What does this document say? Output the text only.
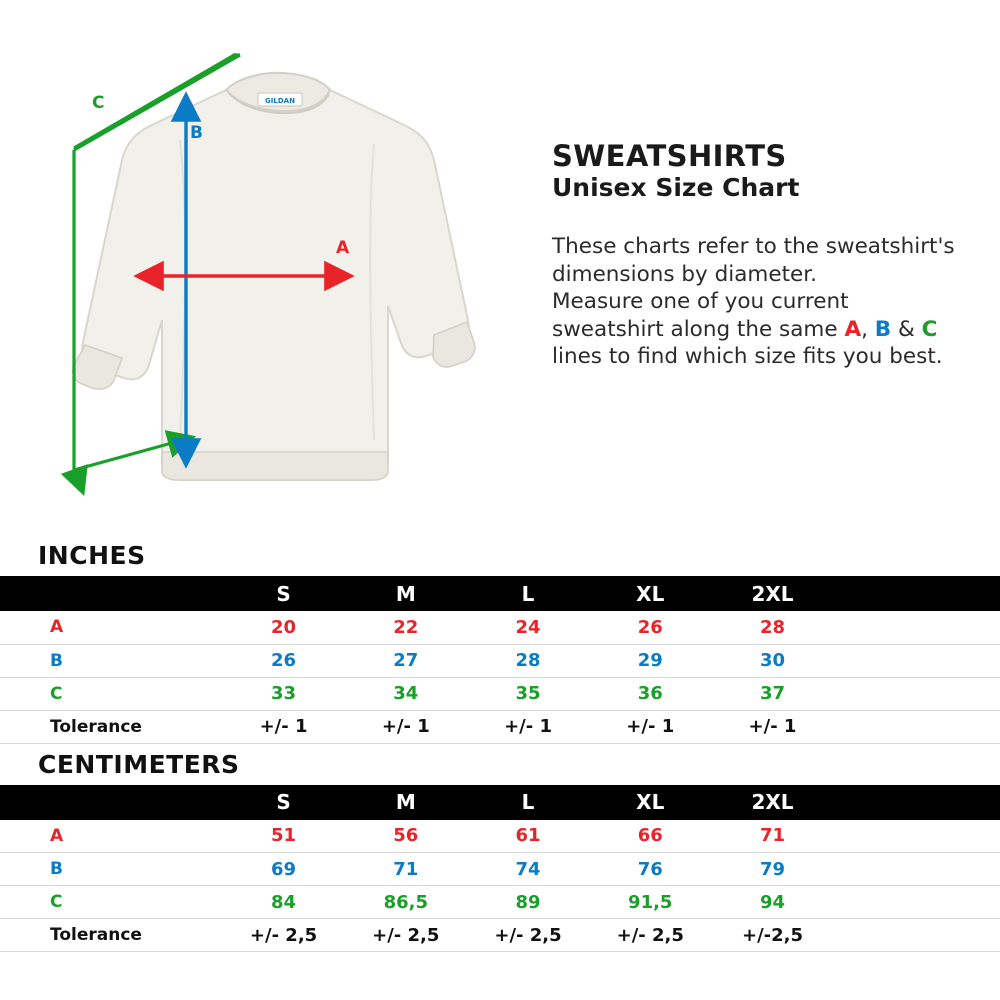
GILDAN
C
B
A
SWEATSHIRTS
Unisex Size Chart
These charts refer to the sweatshirt's
dimensions by diameter.
Measure one of you current
sweatshirt along the same A, B & C
lines to find which size fits you best.
INCHES
	S	M	L	XL	2XL	
A	20	22	24	26	28	
B	26	27	28	29	30	
C	33	34	35	36	37	
Tolerance	+/- 1	+/- 1	+/- 1	+/- 1	+/- 1	
CENTIMETERS
	S	M	L	XL	2XL	
A	51	56	61	66	71	
B	69	71	74	76	79	
C	84	86,5	89	91,5	94	
Tolerance	+/- 2,5	+/- 2,5	+/- 2,5	+/- 2,5	+/-2,5	
